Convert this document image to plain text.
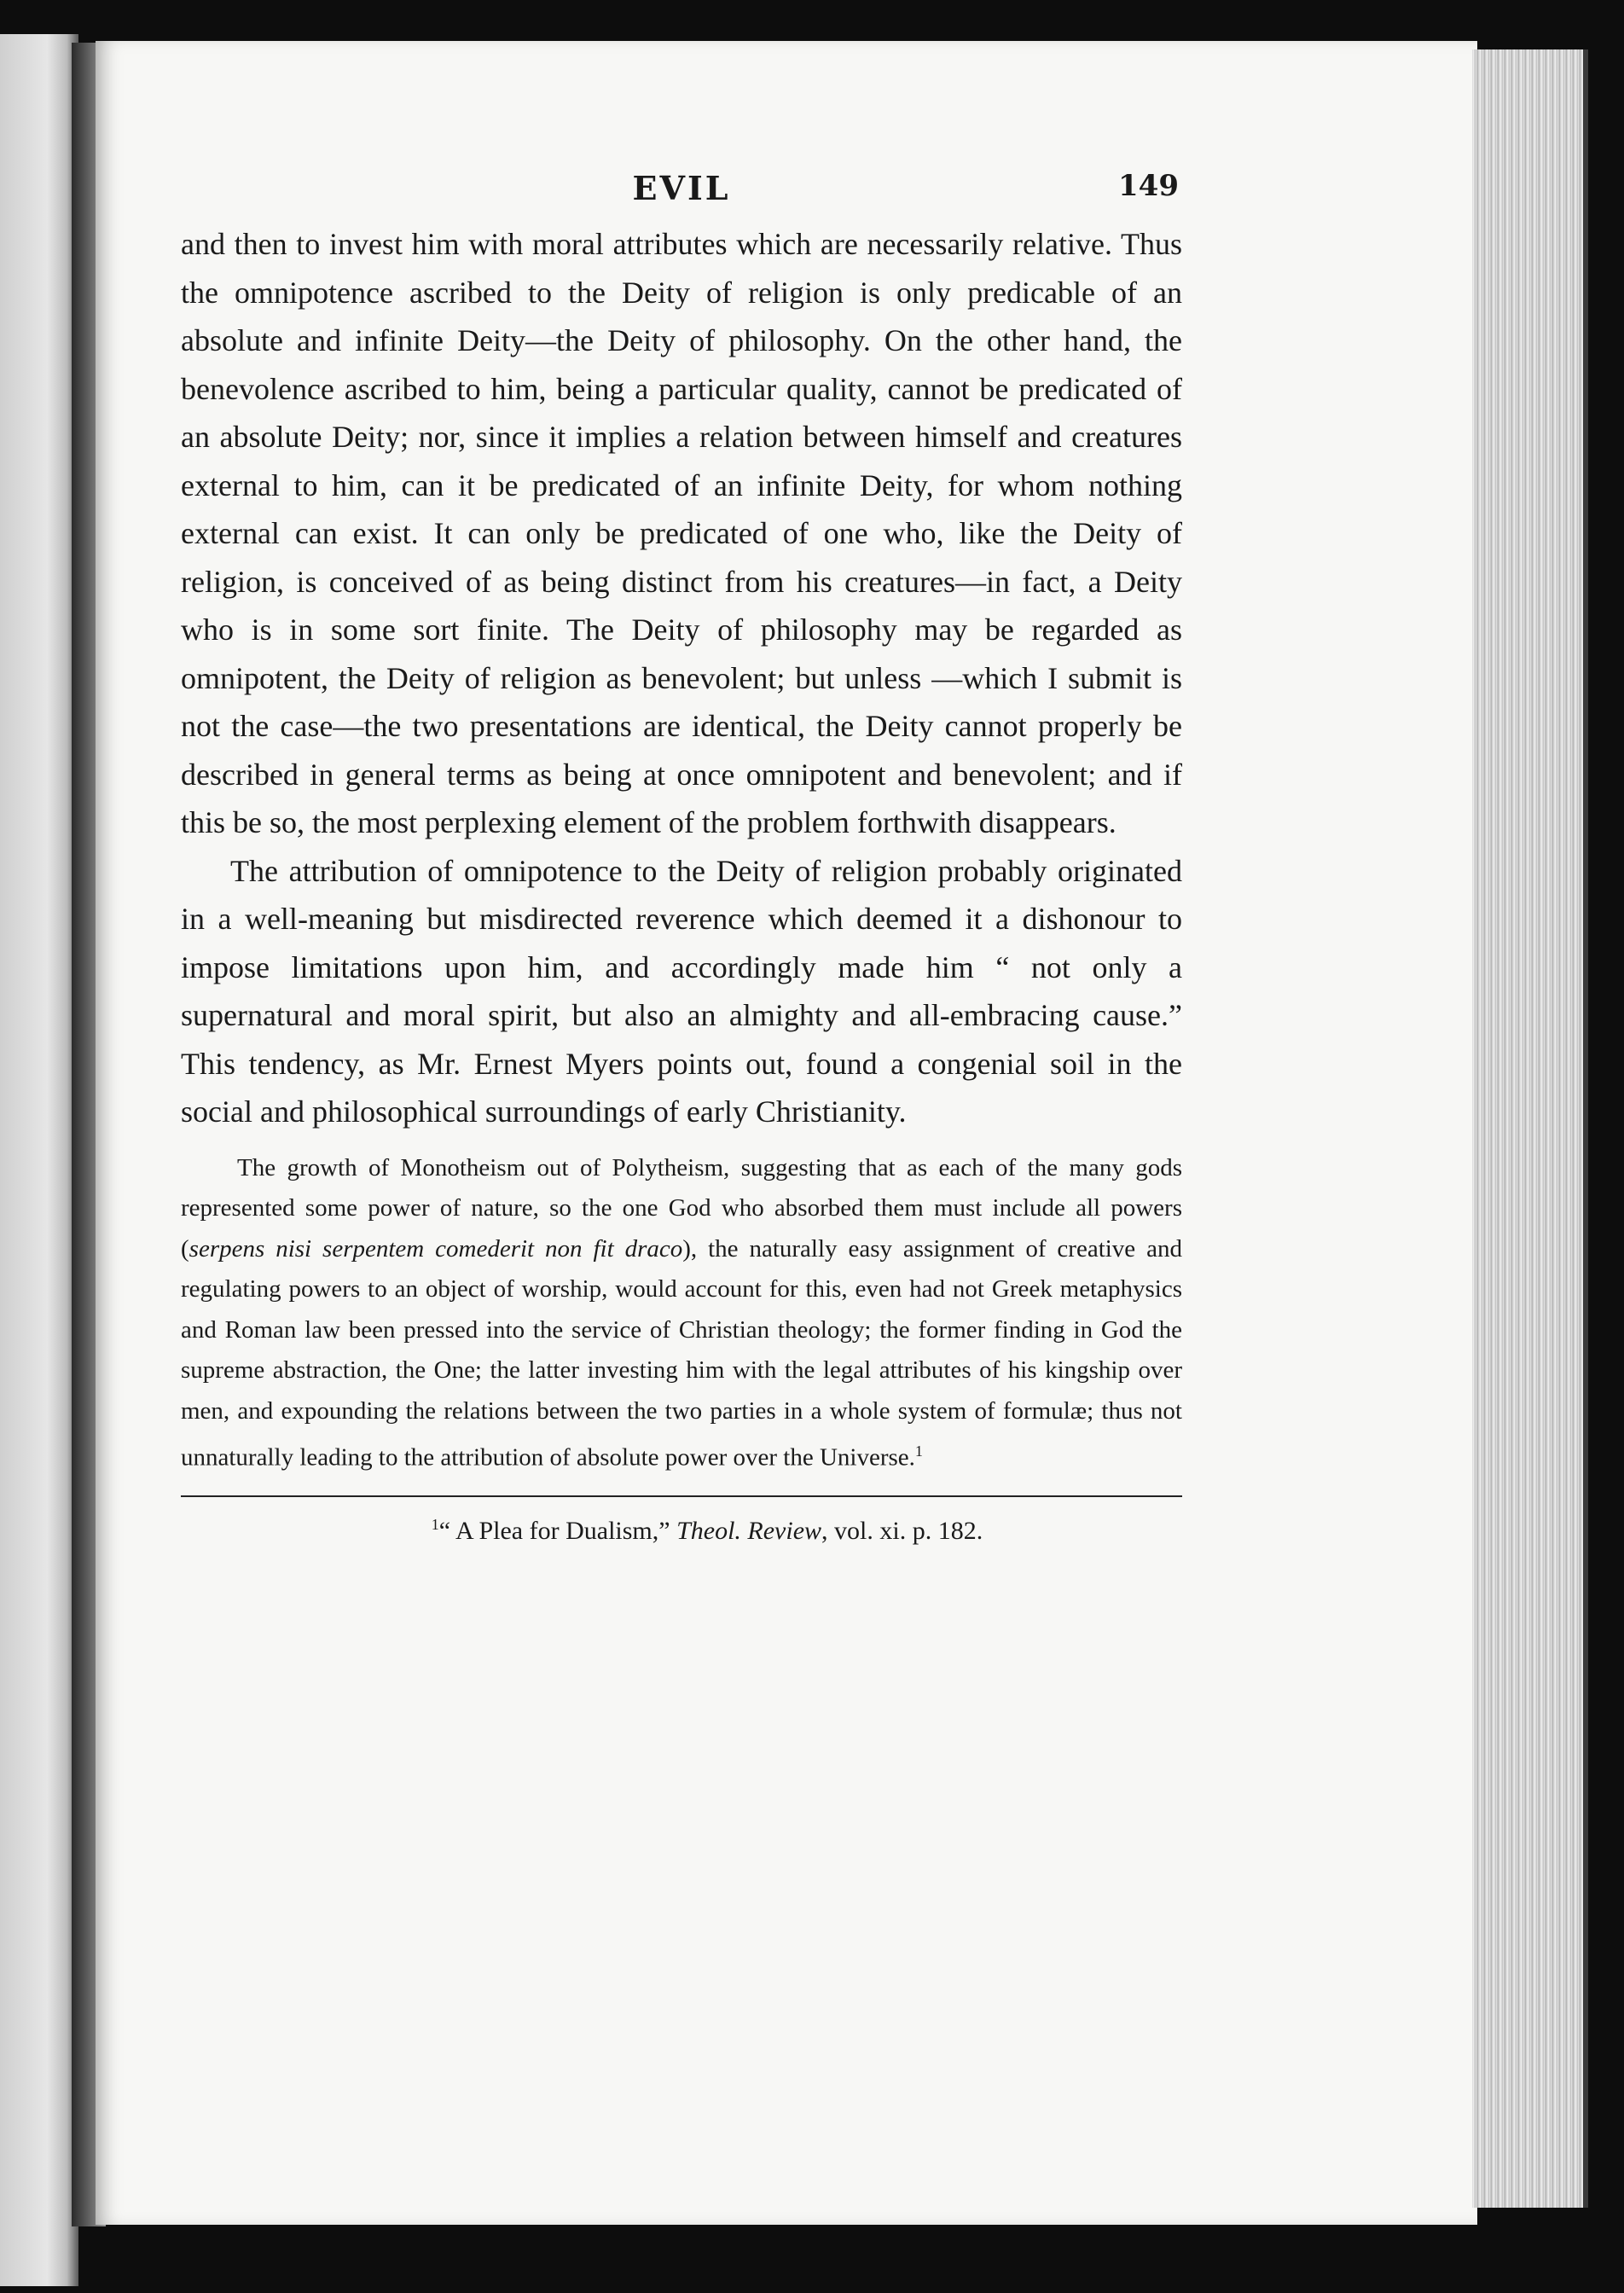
EVIL	149

and then to invest him with moral attributes which are necessarily relative. Thus the omnipotence ascribed to the Deity of religion is only predicable of an absolute and infinite Deity—the Deity of philosophy. On the other hand, the benevolence ascribed to him, being a particular quality, cannot be predicated of an absolute Deity; nor, since it implies a relation between himself and creatures external to him, can it be predicated of an infinite Deity, for whom nothing external can exist. It can only be predicated of one who, like the Deity of religion, is conceived of as being distinct from his creatures—in fact, a Deity who is in some sort finite. The Deity of philosophy may be regarded as omnipotent, the Deity of religion as benevolent; but unless —which I submit is not the case—the two presentations are identical, the Deity cannot properly be described in general terms as being at once omnipotent and benevolent; and if this be so, the most perplexing element of the problem forthwith disappears.

The attribution of omnipotence to the Deity of religion probably originated in a well-meaning but misdirected reverence which deemed it a dishonour to impose limitations upon him, and accordingly made him “ not only a supernatural and moral spirit, but also an almighty and all-embracing cause.” This tendency, as Mr. Ernest Myers points out, found a congenial soil in the social and philosophical surroundings of early Christianity.

The growth of Monotheism out of Polytheism, suggesting that as each of the many gods represented some power of nature, so the one God who absorbed them must include all powers (serpens nisi serpentem comederit non fit draco), the naturally easy assignment of creative and regulating powers to an object of worship, would account for this, even had not Greek metaphysics and Roman law been pressed into the service of Christian theology; the former finding in God the supreme abstraction, the One; the latter investing him with the legal attributes of his kingship over men, and expounding the relations between the two parties in a whole system of formulæ; thus not unnaturally leading to the attribution of absolute power over the Universe.$^1$

$^1$“ A Plea for Dualism,” Theol. Review, vol. xi. p. 182.
